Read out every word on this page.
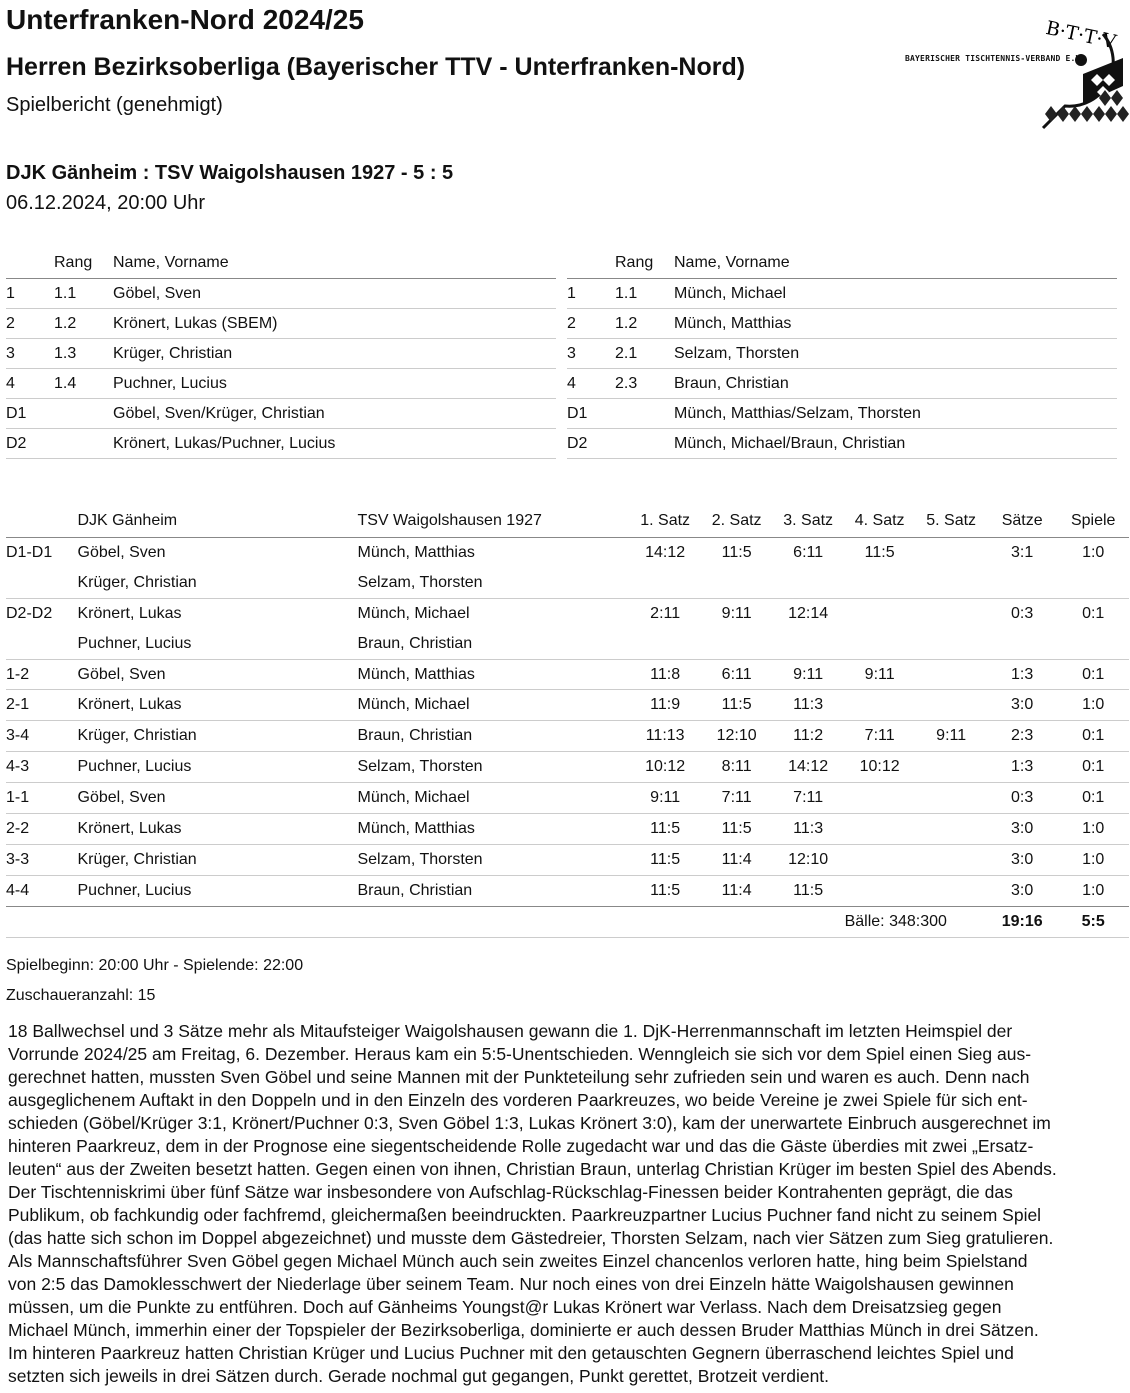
Unterfranken-Nord 2024/25
Herren Bezirksoberliga (Bayerischer TTV - Unterfranken-Nord)
Spielbericht (genehmigt)
BAYERISCHER TISCHTENNIS-VERBAND E.V.
B·T·T·V
DJK Gänheim : TSV Waigolshausen 1927 - 5 : 5
06.12.2024, 20:00 Uhr
	Rang	Name, Vorname
1	1.1	Göbel, Sven
2	1.2	Krönert, Lukas (SBEM)
3	1.3	Krüger, Christian
4	1.4	Puchner, Lucius
D1		Göbel, Sven/Krüger, Christian
D2		Krönert, Lukas/Puchner, Lucius
	Rang	Name, Vorname
1	1.1	Münch, Michael
2	1.2	Münch, Matthias
3	2.1	Selzam, Thorsten
4	2.3	Braun, Christian
D1		Münch, Matthias/Selzam, Thorsten
D2		Münch, Michael/Braun, Christian
	DJK Gänheim	TSV Waigolshausen 1927	1. Satz	2. Satz	3. Satz	4. Satz	5. Satz	Sätze	Spiele
D1-D1	Göbel, Sven	Münch, Matthias	14:12	11:5	6:11	11:5		3:1	1:0
	Krüger, Christian	Selzam, Thorsten							
D2-D2	Krönert, Lukas	Münch, Michael	2:11	9:11	12:14			0:3	0:1
	Puchner, Lucius	Braun, Christian							
1-2	Göbel, Sven	Münch, Matthias	11:8	6:11	9:11	9:11		1:3	0:1
2-1	Krönert, Lukas	Münch, Michael	11:9	11:5	11:3			3:0	1:0
3-4	Krüger, Christian	Braun, Christian	11:13	12:10	11:2	7:11	9:11	2:3	0:1
4-3	Puchner, Lucius	Selzam, Thorsten	10:12	8:11	14:12	10:12		1:3	0:1
1-1	Göbel, Sven	Münch, Michael	9:11	7:11	7:11			0:3	0:1
2-2	Krönert, Lukas	Münch, Matthias	11:5	11:5	11:3			3:0	1:0
3-3	Krüger, Christian	Selzam, Thorsten	11:5	11:4	12:10			3:0	1:0
4-4	Puchner, Lucius	Braun, Christian	11:5	11:4	11:5			3:0	1:0
			Bälle: 348:300					19:16	5:5
Spielbeginn: 20:00 Uhr - Spielende: 22:00
Zuschaueranzahl: 15

18 Ballwechsel und 3 Sätze mehr als Mitaufsteiger Waigolshausen gewann die 1. DjK-Herrenmannschaft im letzten Heimspiel der

Vorrunde 2024/25 am Freitag, 6. Dezember. Heraus kam ein 5:5-Unentschieden. Wenngleich sie sich vor dem Spiel einen Sieg aus-

gerechnet hatten, mussten Sven Göbel und seine Mannen mit der Punkteteilung sehr zufrieden sein und waren es auch. Denn nach

ausgeglichenem Auftakt in den Doppeln und in den Einzeln des vorderen Paarkreuzes, wo beide Vereine je zwei Spiele für sich ent-

schieden (Göbel/Krüger 3:1, Krönert/Puchner 0:3, Sven Göbel 1:3, Lukas Krönert 3:0), kam der unerwartete Einbruch ausgerechnet im

hinteren Paarkreuz, dem in der Prognose eine siegentscheidende Rolle zugedacht war und das die Gäste überdies mit zwei „Ersatz-

leuten“ aus der Zweiten besetzt hatten. Gegen einen von ihnen, Christian Braun, unterlag Christian Krüger im besten Spiel des Abends.

Der Tischtenniskrimi über fünf Sätze war insbesondere von Aufschlag-Rückschlag-Finessen beider Kontrahenten geprägt, die das

Publikum, ob fachkundig oder fachfremd, gleichermaßen beeindruckten. Paarkreuzpartner Lucius Puchner fand nicht zu seinem Spiel

(das hatte sich schon im Doppel abgezeichnet) und musste dem Gästedreier, Thorsten Selzam, nach vier Sätzen zum Sieg gratulieren.

Als Mannschaftsführer Sven Göbel gegen Michael Münch auch sein zweites Einzel chancenlos verloren hatte, hing beim Spielstand

von 2:5 das Damoklesschwert der Niederlage über seinem Team. Nur noch eines von drei Einzeln hätte Waigolshausen gewinnen

müssen, um die Punkte zu entführen. Doch auf Gänheims Youngst@r Lukas Krönert war Verlass. Nach dem Dreisatzsieg gegen

Michael Münch, immerhin einer der Topspieler der Bezirksoberliga, dominierte er auch dessen Bruder Matthias Münch in drei Sätzen.

Im hinteren Paarkreuz hatten Christian Krüger und Lucius Puchner mit den getauschten Gegnern überraschend leichtes Spiel und

setzten sich jeweils in drei Sätzen durch. Gerade nochmal gut gegangen, Punkt gerettet, Brotzeit verdient.
